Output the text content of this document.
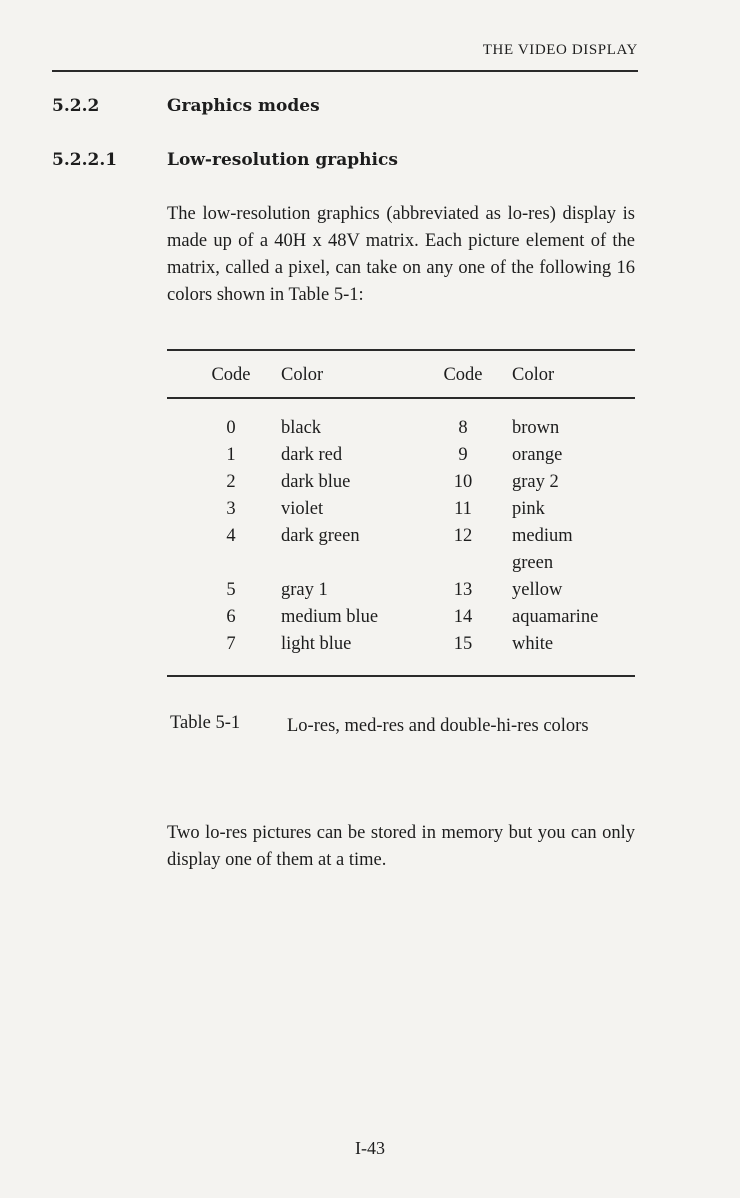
THE VIDEO DISPLAY
5.2.2	Graphics modes
5.2.2.1	Low-resolution graphics
The low-resolution graphics (abbreviated as lo-res) display is made up of a 40H x 48V matrix. Each picture element of the matrix, called a pixel, can take on any one of the following 16 colors shown in Table 5-1:
Code Color	Code Color
0	black	8	brown
1	dark red	9	orange
2	dark blue	10	gray 2
3	violet	11	pink
4	dark green	12	medium
green
5	gray 1	13	yellow
6	medium blue	14	aquamarine
7	light blue	15	white
Table 5-1	Lo-res, med-res and double-hi-res colors
Two lo-res pictures can be stored in memory but you can only display one of them at a time.
I-43
